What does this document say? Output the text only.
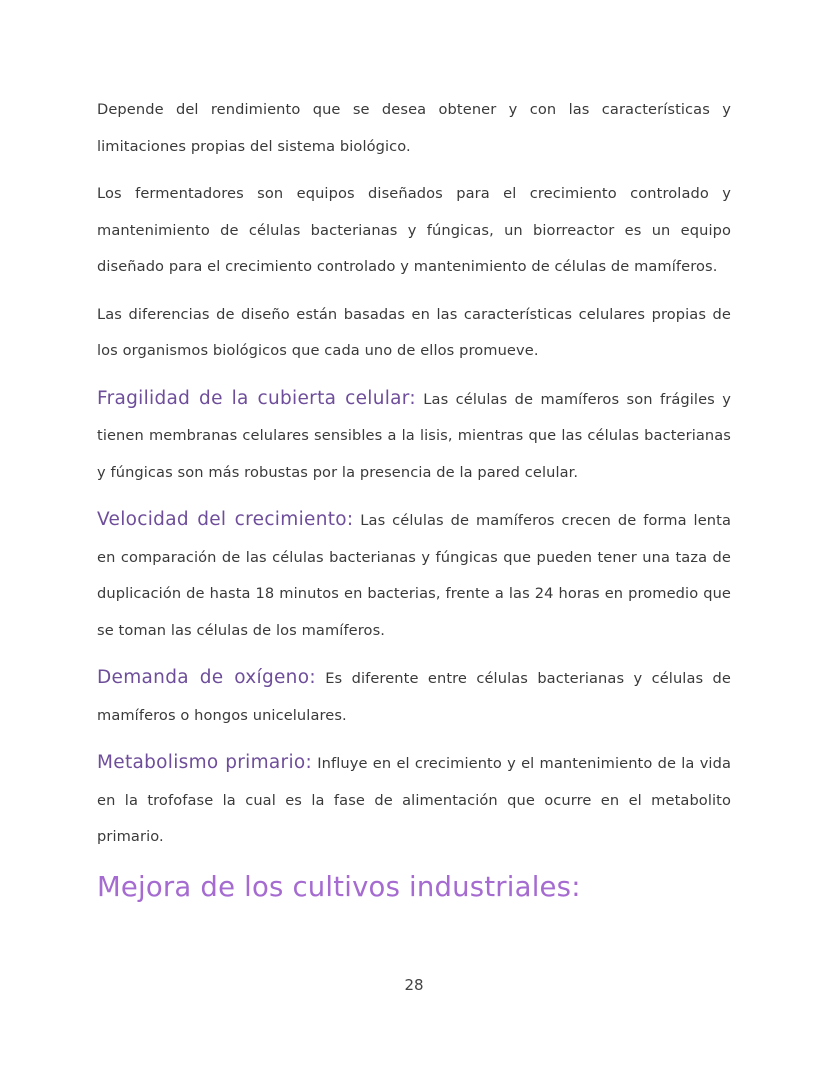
Depende del rendimiento que se desea obtener y con las características y limitaciones propias del sistema biológico.

Los fermentadores son equipos diseñados para el crecimiento controlado y mantenimiento de células bacterianas y fúngicas, un biorreactor es un equipo diseñado para el crecimiento controlado y mantenimiento de células de mamíferos.

Las diferencias de diseño están basadas en las características celulares propias de los organismos biológicos que cada uno de ellos promueve.

Fragilidad de la cubierta celular: Las células de mamíferos son frágiles y tienen membranas celulares sensibles a la lisis, mientras que las células bacterianas y fúngicas son más robustas por la presencia de la pared celular.

Velocidad del crecimiento: Las células de mamíferos crecen de forma lenta en comparación de las células bacterianas y fúngicas que pueden tener una taza de duplicación de hasta 18 minutos en bacterias, frente a las 24 horas en promedio que se toman las células de los mamíferos.

Demanda de oxígeno: Es diferente entre células bacterianas y células de mamíferos o hongos unicelulares.

Metabolismo primario: Influye en el crecimiento y el mantenimiento de la vida en la trofofase la cual es la fase de alimentación que ocurre en el metabolito primario.

Mejora de los cultivos industriales:
28
